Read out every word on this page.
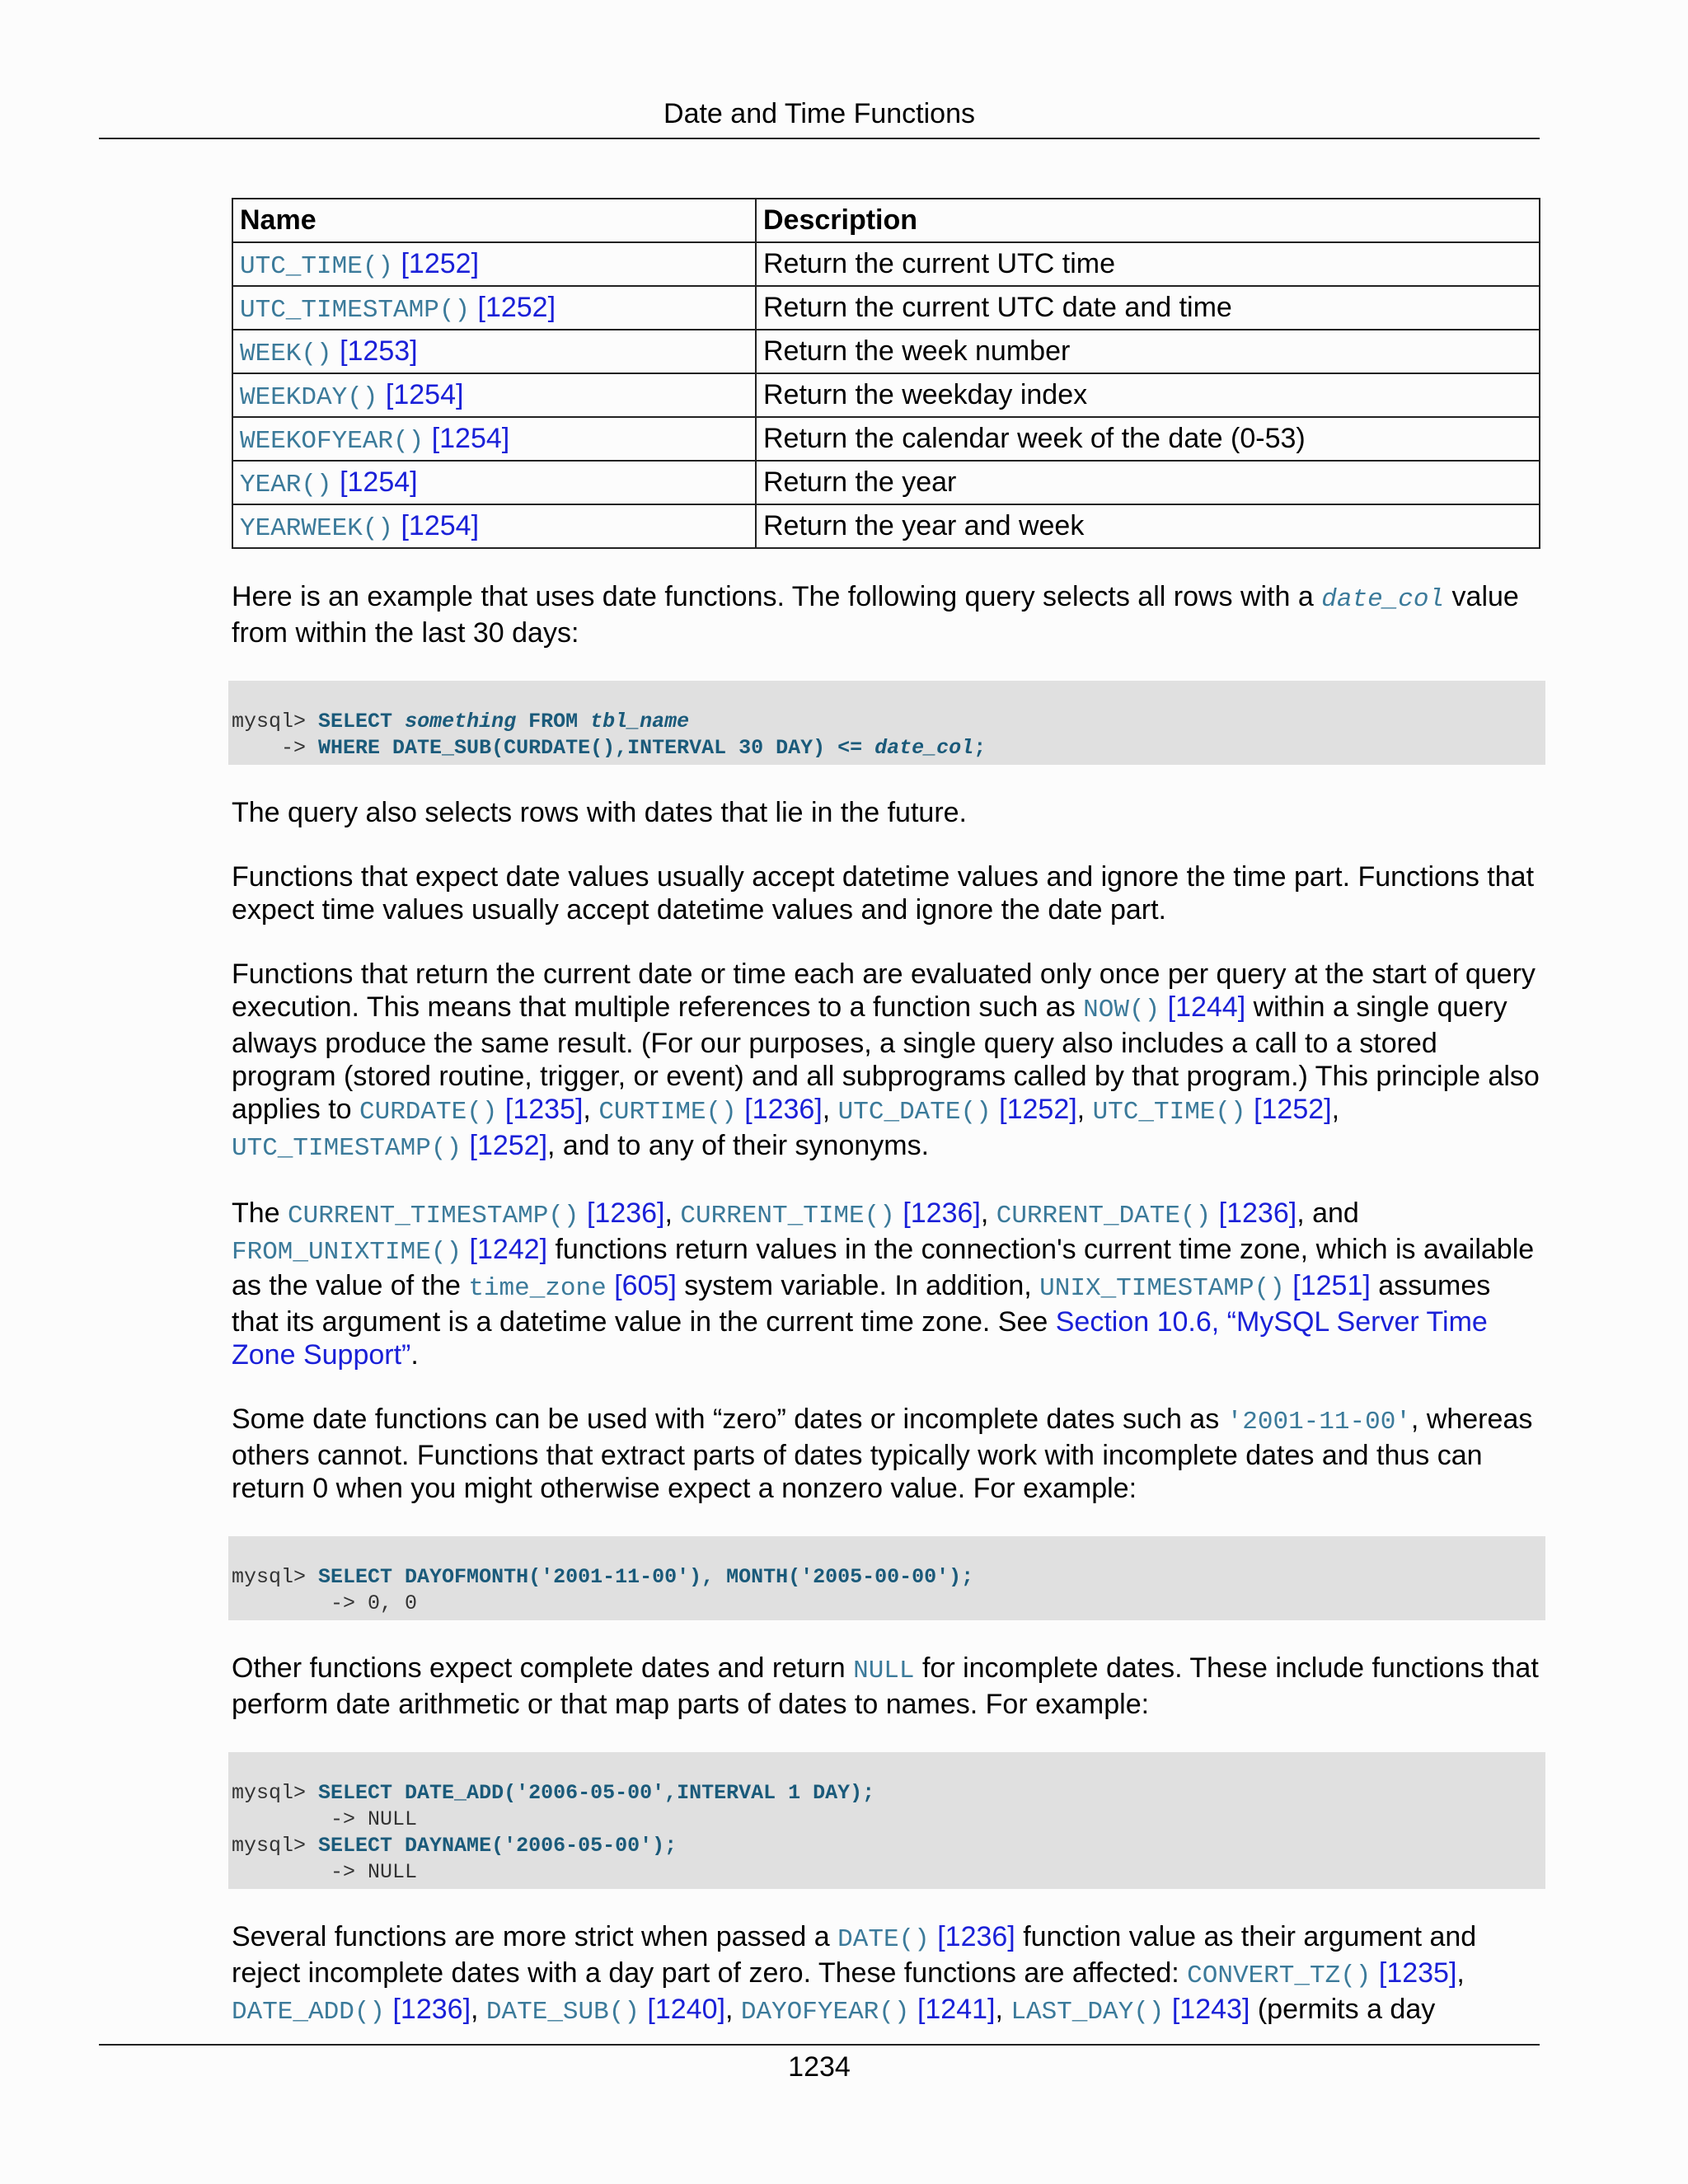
Date and Time Functions
Name	Description
UTC_TIME() [1252]	Return the current UTC time
UTC_TIMESTAMP() [1252]	Return the current UTC date and time
WEEK() [1253]	Return the week number
WEEKDAY() [1254]	Return the weekday index
WEEKOFYEAR() [1254]	Return the calendar week of the date (0-53)
YEAR() [1254]	Return the year
YEARWEEK() [1254]	Return the year and week

Here is an example that uses date functions. The following query selects all rows with a date_col value from within the last 30 days:

mysql> SELECT something FROM tbl_name
-> WHERE DATE_SUB(CURDATE(),INTERVAL 30 DAY) <= date_col;

The query also selects rows with dates that lie in the future.

Functions that expect date values usually accept datetime values and ignore the time part. Functions that expect time values usually accept datetime values and ignore the date part.

Functions that return the current date or time each are evaluated only once per query at the start of query execution. This means that multiple references to a function such as NOW() [1244] within a single query always produce the same result. (For our purposes, a single query also includes a call to a stored program (stored routine, trigger, or event) and all subprograms called by that program.) This principle also applies to CURDATE() [1235], CURTIME() [1236], UTC_DATE() [1252], UTC_TIME() [1252], UTC_TIMESTAMP() [1252], and to any of their synonyms.

The CURRENT_TIMESTAMP() [1236], CURRENT_TIME() [1236], CURRENT_DATE() [1236], and FROM_UNIXTIME() [1242] functions return values in the connection's current time zone, which is available as the value of the time_zone [605] system variable. In addition, UNIX_TIMESTAMP() [1251] assumes that its argument is a datetime value in the current time zone. See Section 10.6, “MySQL Server Time Zone Support”.

Some date functions can be used with “zero” dates or incomplete dates such as '2001-11-00', whereas others cannot. Functions that extract parts of dates typically work with incomplete dates and thus can return 0 when you might otherwise expect a nonzero value. For example:

mysql> SELECT DAYOFMONTH('2001-11-00'), MONTH('2005-00-00');
-> 0, 0

Other functions expect complete dates and return NULL for incomplete dates. These include functions that perform date arithmetic or that map parts of dates to names. For example:

mysql> SELECT DATE_ADD('2006-05-00',INTERVAL 1 DAY);
-> NULL
mysql> SELECT DAYNAME('2006-05-00');
-> NULL

Several functions are more strict when passed a DATE() [1236] function value as their argument and reject incomplete dates with a day part of zero. These functions are affected: CONVERT_TZ() [1235], DATE_ADD() [1236], DATE_SUB() [1240], DAYOFYEAR() [1241], LAST_DAY() [1243] (permits a day

1234
